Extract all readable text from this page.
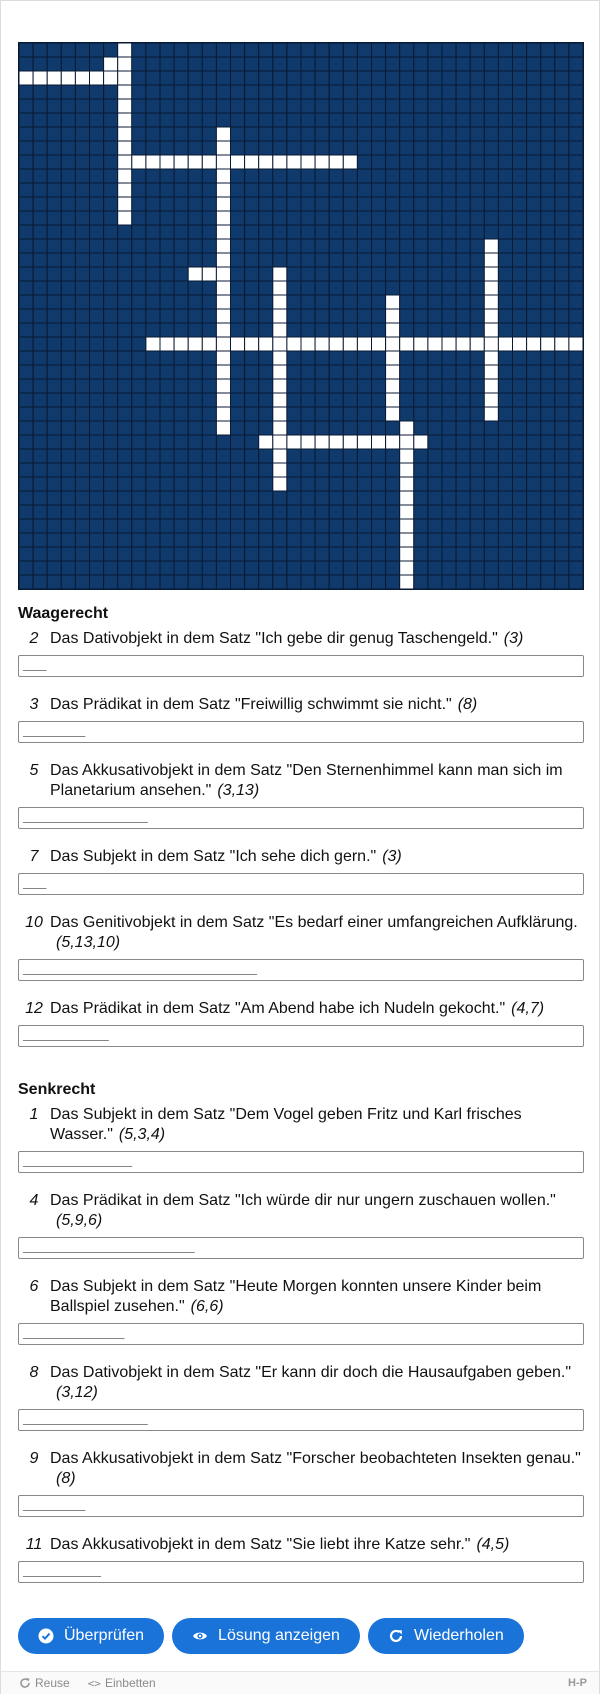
Waagerecht
2 Das Dativobjekt in dem Satz "Ich gebe dir genug Taschengeld." (3)
___
3 Das Prädikat in dem Satz "Freiwillig schwimmt sie nicht." (8)
________
5 Das Akkusativobjekt in dem Satz "Den Sternenhimmel kann man sich im Planetarium ansehen." (3,13)
________________
7 Das Subjekt in dem Satz "Ich sehe dich gern." (3)
___
10 Das Genitivobjekt in dem Satz "Es bedarf einer umfangreichen Aufklärung.(5,13,10)
______________________________
12 Das Prädikat in dem Satz "Am Abend habe ich Nudeln gekocht." (4,7)
___________
Senkrecht
1 Das Subjekt in dem Satz "Dem Vogel geben Fritz und Karl frisches Wasser." (5,3,4)
______________
4 Das Prädikat in dem Satz "Ich würde dir nur ungern zuschauen wollen."(5,9,6)
______________________
6 Das Subjekt in dem Satz "Heute Morgen konnten unsere Kinder beim Ballspiel zusehen." (6,6)
_____________
8 Das Dativobjekt in dem Satz "Er kann dir doch die Hausaufgaben geben."(3,12)
________________
9 Das Akkusativobjekt in dem Satz "Forscher beobachteten Insekten genau."(8)
________
11 Das Akkusativobjekt in dem Satz "Sie liebt ihre Katze sehr." (4,5)
__________
Überprüfen	Lösung anzeigen	Wiederholen
Reuse <> Einbetten	H-P
